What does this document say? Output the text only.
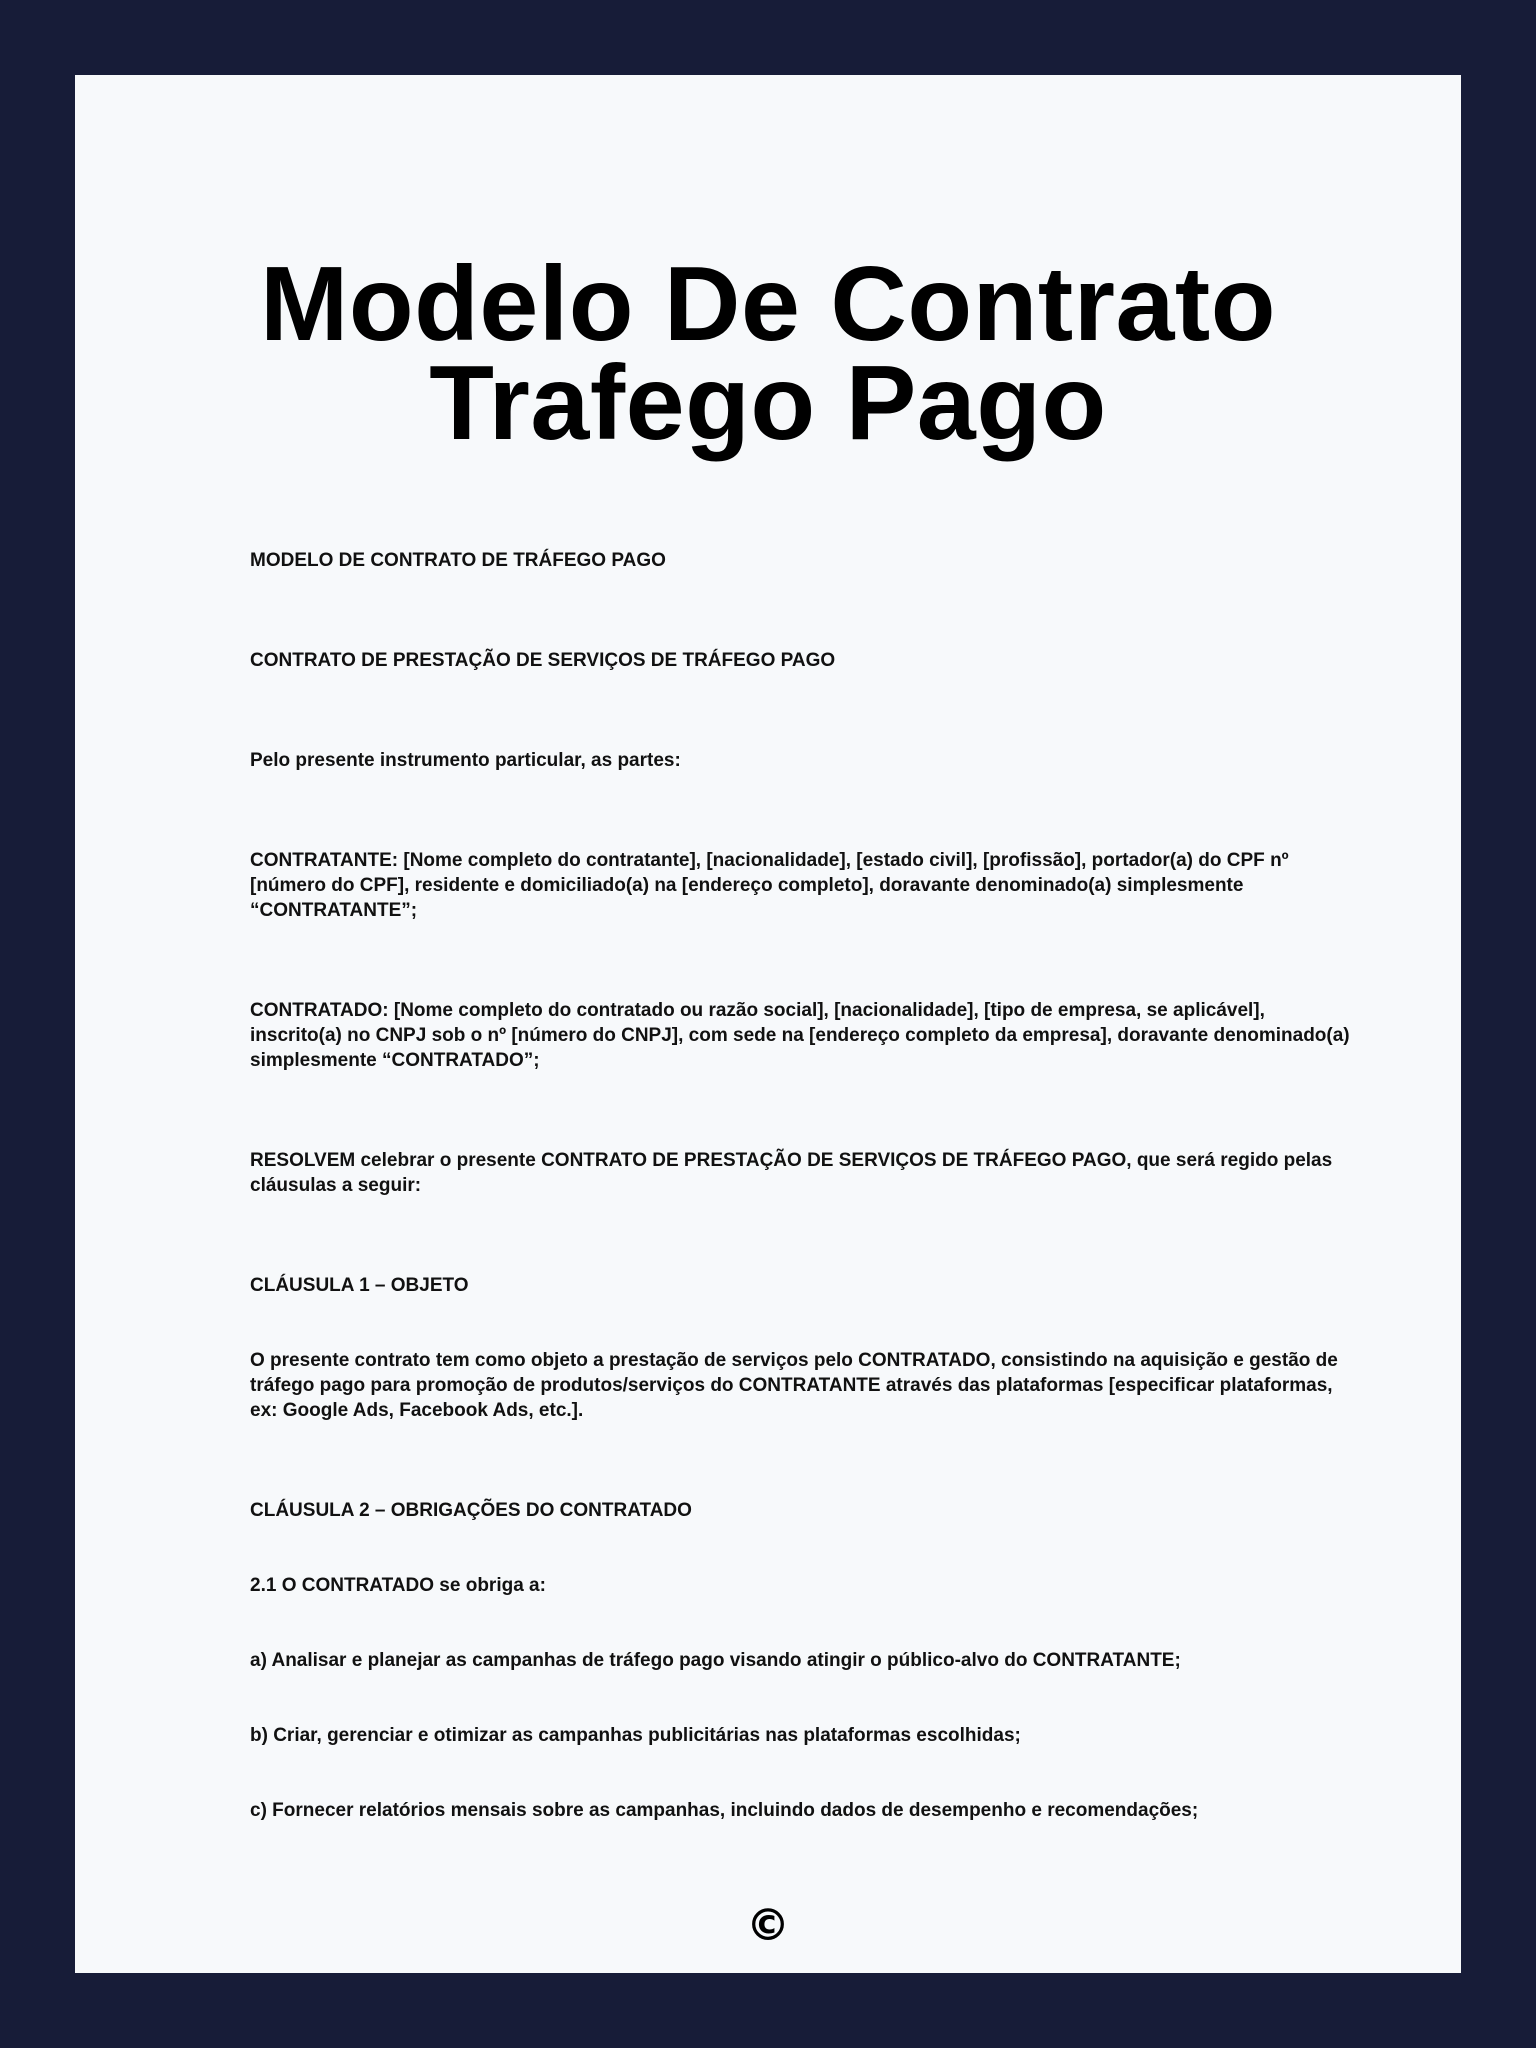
Modelo De Contrato Trafego Pago

MODELO DE CONTRATO DE TRÁFEGO PAGO

CONTRATO DE PRESTAÇÃO DE SERVIÇOS DE TRÁFEGO PAGO

Pelo presente instrumento particular, as partes:

CONTRATANTE: [Nome completo do contratante], [nacionalidade], [estado civil], [profissão], portador(a) do CPF nº [número do CPF], residente e domiciliado(a) na [endereço completo], doravante denominado(a) simplesmente “CONTRATANTE”;

CONTRATADO: [Nome completo do contratado ou razão social], [nacionalidade], [tipo de empresa, se aplicável], inscrito(a) no CNPJ sob o nº [número do CNPJ], com sede na [endereço completo da empresa], doravante denominado(a) simplesmente “CONTRATADO”;

RESOLVEM celebrar o presente CONTRATO DE PRESTAÇÃO DE SERVIÇOS DE TRÁFEGO PAGO, que será regido pelas cláusulas a seguir:

CLÁUSULA 1 – OBJETO

O presente contrato tem como objeto a prestação de serviços pelo CONTRATADO, consistindo na aquisição e gestão de tráfego pago para promoção de produtos/serviços do CONTRATANTE através das plataformas [especificar plataformas, ex: Google Ads, Facebook Ads, etc.].

CLÁUSULA 2 – OBRIGAÇÕES DO CONTRATADO

2.1 O CONTRATADO se obriga a:

a) Analisar e planejar as campanhas de tráfego pago visando atingir o público-alvo do CONTRATANTE;

b) Criar, gerenciar e otimizar as campanhas publicitárias nas plataformas escolhidas;

c) Fornecer relatórios mensais sobre as campanhas, incluindo dados de desempenho e recomendações;

©
